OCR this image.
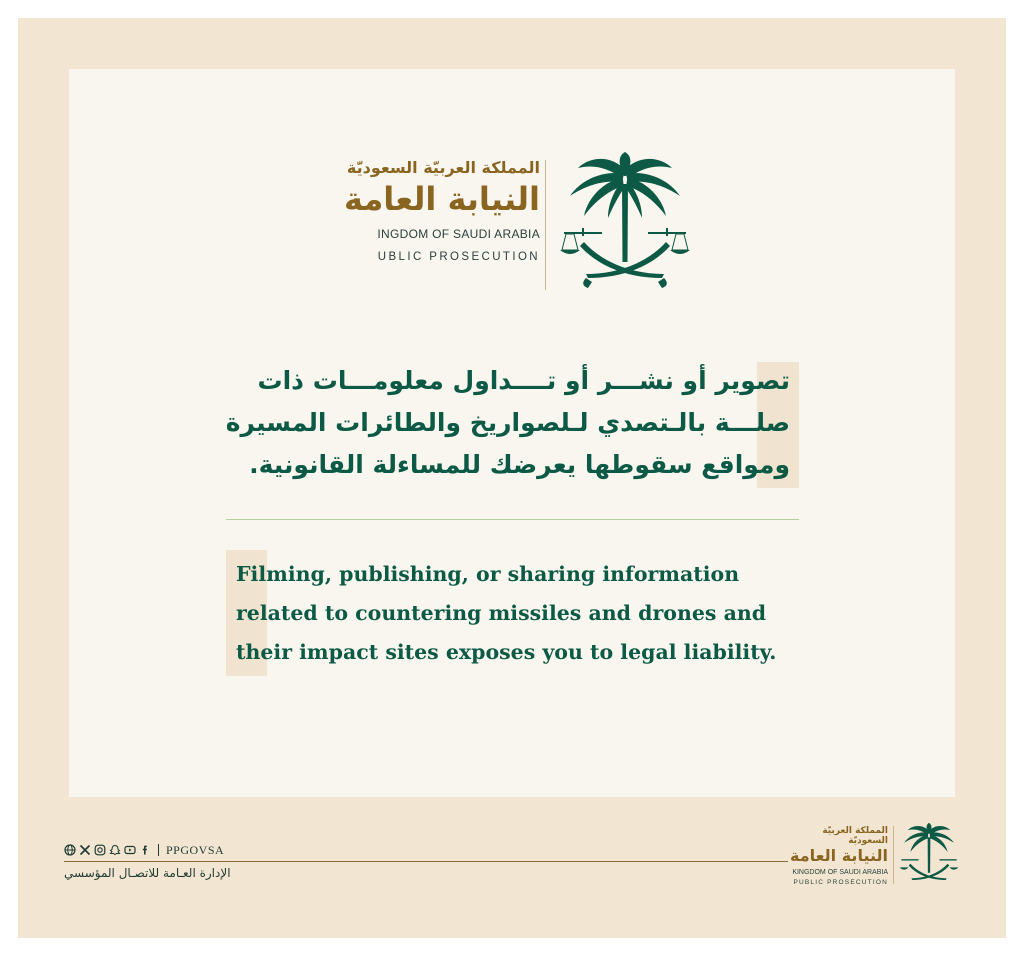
المملكة العربيّة السعوديّة
النيابة العامة
INGDOM OF SAUDI ARABIA
UBLIC PROSECUTION
تصوير أو نشـــر أو تــــداول معلومـــات ذات
صلـــة بالـتصدي لـلصواريخ والطائرات المسيرة
ومواقع سقوطها يعرضك للمساءلة القانونية.
Filming, publishing, or sharing information
related to countering missiles and drones and
their impact sites exposes you to legal liability.
PPGOVSA
الإدارة العـامة للاتصـال المؤسسي
المملكة العربيّة السعوديّة
النيابة العامة
KINGDOM OF SAUDI ARABIA
PUBLIC PROSECUTION
